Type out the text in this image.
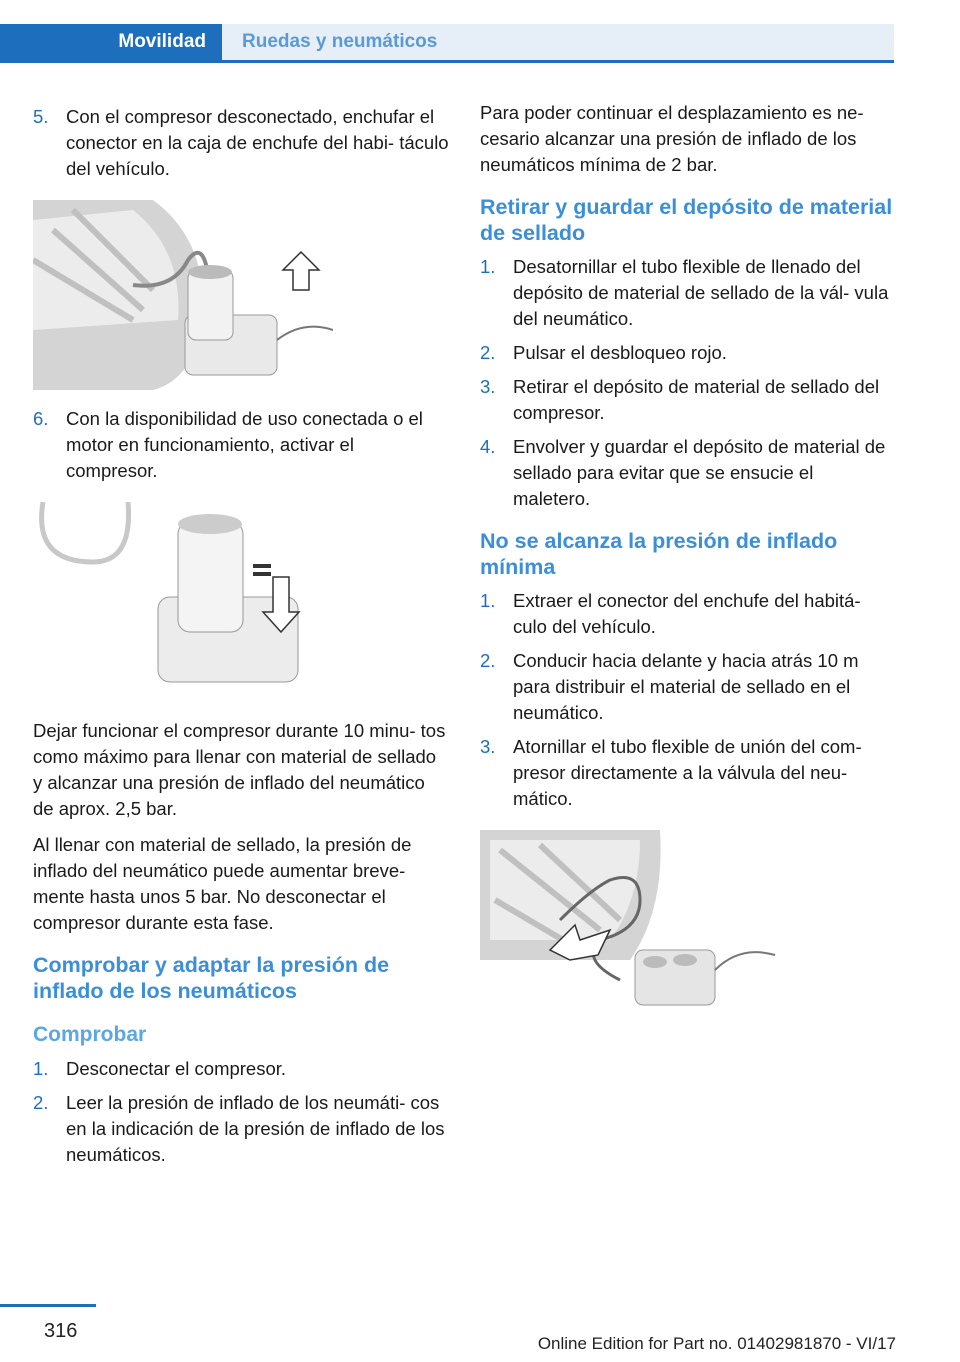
Movilidad	Ruedas y neumáticos
5. Con el compresor desconectado, enchufar el conector en la caja de enchufe del habi‐ táculo del vehículo.
6. Con la disponibilidad de uso conectada o el motor en funcionamiento, activar el compresor.

Dejar funcionar el compresor durante 10 minu‐ tos como máximo para llenar con material de sellado y alcanzar una presión de inflado del neumático de aprox. 2,5 bar.

Al llenar con material de sellado, la presión de inflado del neumático puede aumentar breve‐ mente hasta unos 5 bar. No desconectar el compresor durante esta fase.

Comprobar y adaptar la presión de inflado de los neumáticos
Comprobar
1. Desconectar el compresor.
2. Leer la presión de inflado de los neumáti‐ cos en la indicación de la presión de inflado de los neumáticos.

Para poder continuar el desplazamiento es ne‐ cesario alcanzar una presión de inflado de los neumáticos mínima de 2 bar.

Retirar y guardar el depósito de material de sellado
1. Desatornillar el tubo flexible de llenado del depósito de material de sellado de la vál‐ vula del neumático.
2. Pulsar el desbloqueo rojo.
3. Retirar el depósito de material de sellado del compresor.
4. Envolver y guardar el depósito de material de sellado para evitar que se ensucie el maletero.
No se alcanza la presión de inflado mínima
1. Extraer el conector del enchufe del habitá‐ culo del vehículo.
2. Conducir hacia delante y hacia atrás 10 m para distribuir el material de sellado en el neumático.
3. Atornillar el tubo flexible de unión del com‐ presor directamente a la válvula del neu‐ mático.
316
Online Edition for Part no. 01402981870 - VI/17
